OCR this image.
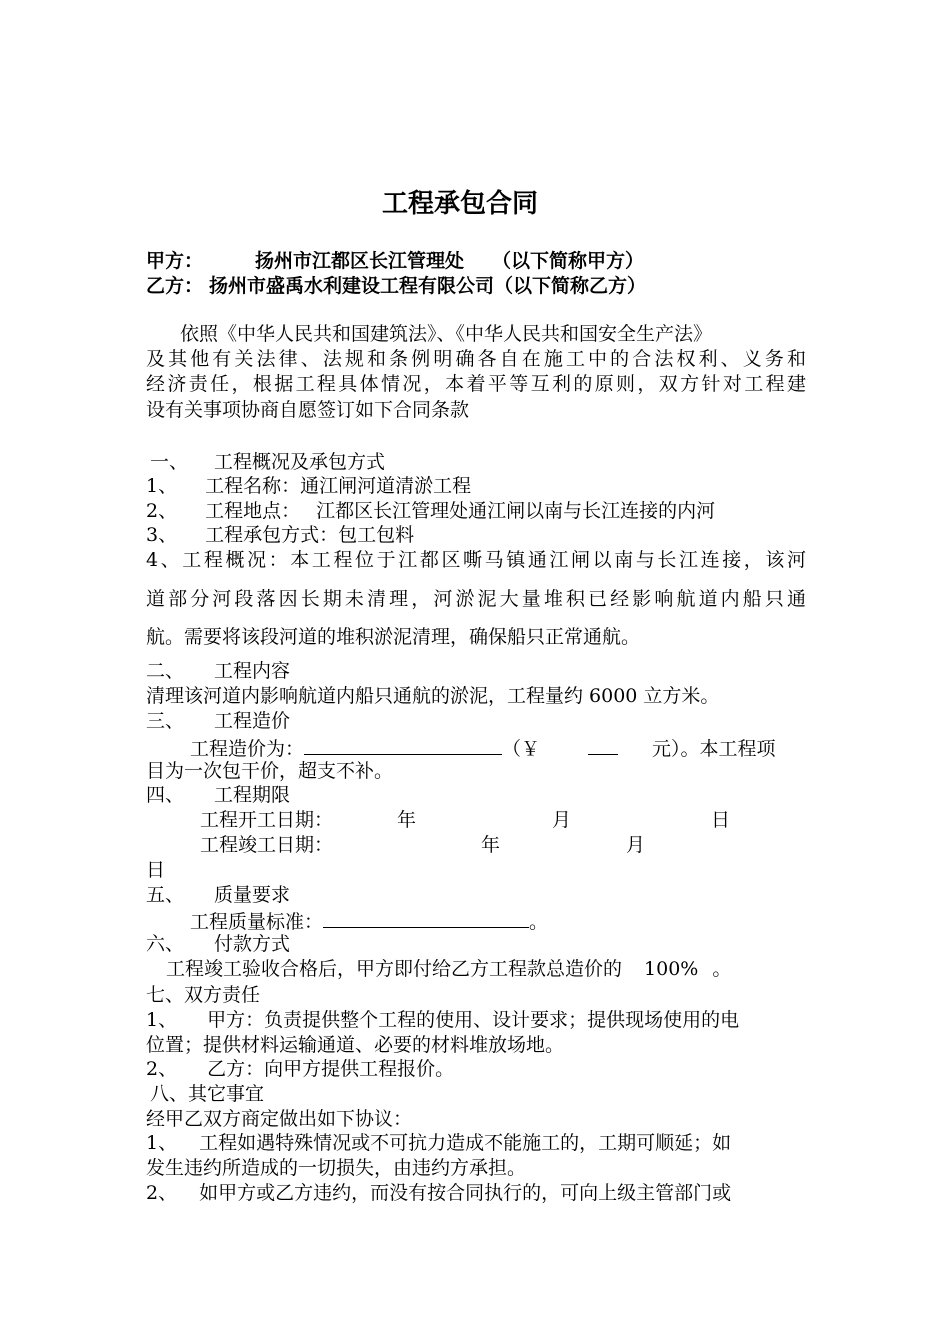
工程承包合同
甲方：	扬州市江都区长江管理处 （以下简称甲方）
乙方： 扬州市盛禹水利建设工程有限公司（以下简称乙方）
依照《中华人民共和国建筑法》、《中华人民共和国安全生产法》
及其他有关法律、法规和条例明确各自在施工中的合法权利、义务和
经济责任，根据工程具体情况，本着平等互利的原则，双方针对工程建
设有关事项协商自愿签订如下合同条款
一、 工程概况及承包方式
1、 工程名称：通江闸河道清淤工程
2、 工程地点： 江都区长江管理处通江闸以南与长江连接的内河
3、 工程承包方式：包工包料
4、工程概况：本工程位于江都区嘶马镇通江闸以南与长江连接，该河
道部分河段落因长期未清理，河淤泥大量堆积已经影响航道内船只通
航。需要将该段河道的堆积淤泥清理，确保船只正常通航。
二、 工程内容
清理该河道内影响航道内船只通航的淤泥，工程量约 6000 立方米。
三、 工程造价
工程造价为：	（￥	元）。本工程项
目为一次包干价，超支不补。
四、 工程期限
工程开工日期：	年	月	日
工程竣工日期：	年	月
日
五、 质量要求
工程质量标准：	。
六、 付款方式
工程竣工验收合格后，甲方即付给乙方工程款总造价的 100% 。
七、双方责任
1、 甲方：负责提供整个工程的使用、设计要求；提供现场使用的电
位置；提供材料运输通道、必要的材料堆放场地。
2、 乙方：向甲方提供工程报价。
八、其它事宜
经甲乙双方商定做出如下协议：
1、 工程如遇特殊情况或不可抗力造成不能施工的，工期可顺延；如
发生违约所造成的一切损失，由违约方承担。
2、 如甲方或乙方违约，而没有按合同执行的，可向上级主管部门或
